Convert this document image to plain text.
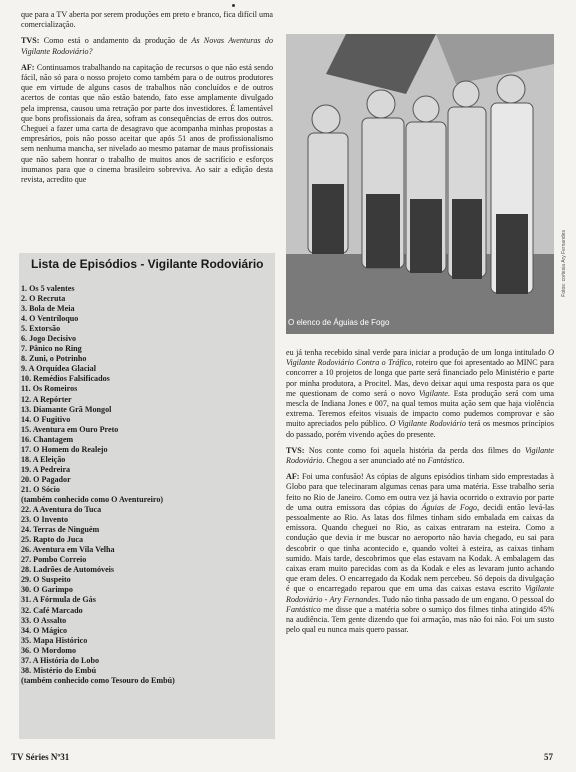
que para a TV aberta por serem produções em preto e branco, fica difícil uma comercialização.

TVS: Como está o andamento da produção de As Novas Aventuras do Vigilante Rodoviário?

AF: Continuamos trabalhando na capitação de recursos o que não está sendo fácil, não só para o nosso projeto como também para o de outros produtores que em virtude de alguns casos de trabalhos não concluídos e de outros acertos de contas que não estão batendo, fato esse amplamente divulgado pela imprensa, causou uma retração por parte dos investidores. É lamentável que bons profissionais da área, sofram as consequências de erros dos outros. Cheguei a fazer uma carta de desagravo que acompanha minhas propostas a empresários, pois não posso aceitar que após 51 anos de profissionalismo sem nenhuma mancha, ser nivelado ao mesmo patamar de maus profissionais que não sabem honrar o trabalho de muitos anos de sacrifício e esforços inumanos para que o cinema brasileiro sobreviva. Ao sair a edição desta revista, acredito que

O elenco de Águias de Fogo
Fotos: cortesia Ary Fernandes
Lista de Episódios - Vigilante Rodoviário
1. Os 5 valentes
2. O Recruta
3. Bola de Meia
4. O Ventríloquo
5. Extorsão
6. Jogo Decisivo
7. Pânico no Ring
8. Zuni, o Potrinho
9. A Orquídea Glacial
10. Remédios Falsificados
11. Os Romeiros
12. A Repórter
13. Diamante Grã Mongol
14. O Fugitivo
15. Aventura em Ouro Preto
16. Chantagem
17. O Homem do Realejo
18. A Eleição
19. A Pedreira
20. O Pagador
21. O Sócio
(também conhecido como O Aventureiro)
22. A Aventura do Tuca
23. O Invento
24. Terras de Ninguém
25. Rapto do Juca
26. Aventura em Vila Velha
27. Pombo Correio
28. Ladrões de Automóveis
29. O Suspeito
30. O Garimpo
31. A Fórmula de Gás
32. Café Marcado
33. O Assalto
34. O Mágico
35. Mapa Histórico
36. O Mordomo
37. A História do Lobo
38. Mistério do Embú
(também conhecido como Tesouro do Embú)

eu já tenha recebido sinal verde para iniciar a produção de um longa intitulado O Vigilante Rodoviário Contra o Tráfico, roteiro que foi apresentado ao MINC para concorrer a 10 projetos de longa que parte será financiado pelo Ministério e parte por minha produtora, a Procitel. Mas, devo deixar aqui uma resposta para os que me questionam de como será o novo Vigilante. Esta produção será com uma mescla de Indiana Jones e 007, na qual temos muita ação sem que haja violência extrema. Teremos efeitos visuais de impacto como pudemos comprovar e são muito apreciados pelo público. O Vigilante Rodoviário terá os mesmos princípios do passado, porém vivendo ações do presente.

TVS: Nos conte como foi aquela história da perda dos filmes do Vigilante Rodoviário. Chegou a ser anunciado até no Fantástico.

AF: Foi uma confusão! As cópias de alguns episódios tinham sido emprestadas à Globo para que telecinaram algumas cenas para uma matéria. Esse trabalho seria feito no Rio de Janeiro. Como em outra vez já havia ocorrido o extravio por parte de uma outra emissora das cópias do Águias de Fogo, decidi então levá-las pessoalmente ao Rio. As latas dos filmes tinham sido embalada em caixas da emissora. Quando cheguei no Rio, as caixas entraram na esteira. Como a condução que devia ir me buscar no aeroporto não havia chegado, eu sai para descobrir o que tinha acontecido e, quando voltei à esteira, as caixas tinham sumido. Mais tarde, descobrimos que elas estavam na Kodak. A embalagem das caixas eram muito parecidas com as da Kodak e eles as levaram junto achando que eram deles. O encarregado da Kodak nem percebeu. Só depois da divulgação é que o encarregado reparou que em uma das caixas estava escrito Vigilante Rodoviário - Ary Fernandes. Tudo não tinha passado de um engano. O pessoal do Fantástico me disse que a matéria sobre o sumiço dos filmes tinha atingido 45% na audiência. Tem gente dizendo que foi armação, mas não foi não. Foi um susto pelo qual eu nunca mais quero passar.

TV Séries Nº31	57
